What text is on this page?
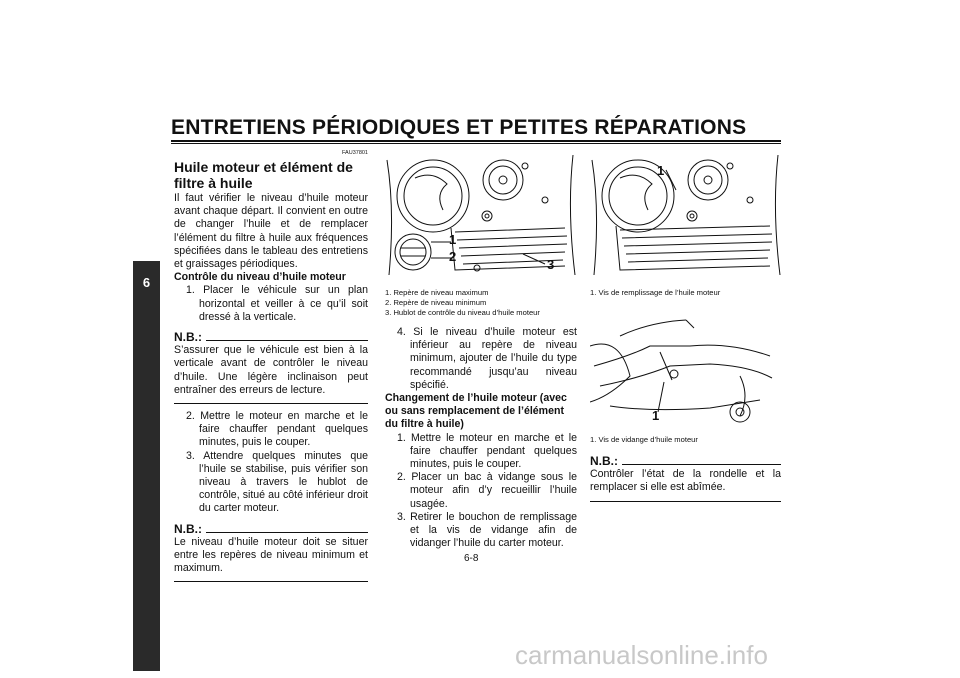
ENTRETIENS PÉRIODIQUES ET PETITES RÉPARATIONS
6
FAU37801
Huile moteur et élément de filtre à huile

Il faut vérifier le niveau d’huile moteur avant chaque départ. Il convient en outre de changer l’huile et de remplacer l’élément du filtre à huile aux fréquences spécifiées dans le tableau des entretiens et graissages périodiques.

Contrôle du niveau d’huile moteur

1. Placer le véhicule sur un plan horizontal et veiller à ce qu’il soit dressé à la verticale.

N.B.:
S’assurer que le véhicule est bien à la verticale avant de contrôler le niveau d’huile. Une légère inclinaison peut entraîner des erreurs de lecture.

2. Mettre le moteur en marche et le faire chauffer pendant quelques minutes, puis le couper.

3. Attendre quelques minutes que l’huile se stabilise, puis vérifier son niveau à travers le hublot de contrôle, situé au côté inférieur droit du carter moteur.

N.B.:
Le niveau d’huile moteur doit se situer entre les repères de niveau minimum et maximum.
1
2
3
1. Repère de niveau maximum
2. Repère de niveau minimum
3. Hublot de contrôle du niveau d’huile moteur

4. Si le niveau d’huile moteur est inférieur au repère de niveau minimum, ajouter de l’huile du type recommandé jusqu’au niveau spécifié.

Changement de l’huile moteur (avec ou sans remplacement de l’élément du filtre à huile)

1. Mettre le moteur en marche et le faire chauffer pendant quelques minutes, puis le couper.

2. Placer un bac à vidange sous le moteur afin d’y recueillir l’huile usagée.

3. Retirer le bouchon de remplissage et la vis de vidange afin de vidanger l’huile du carter moteur.

1
1. Vis de remplissage de l’huile moteur
1
1. Vis de vidange d’huile moteur
N.B.:
Contrôler l’état de la rondelle et la remplacer si elle est abîmée.
6-8
carmanualsonline.info
